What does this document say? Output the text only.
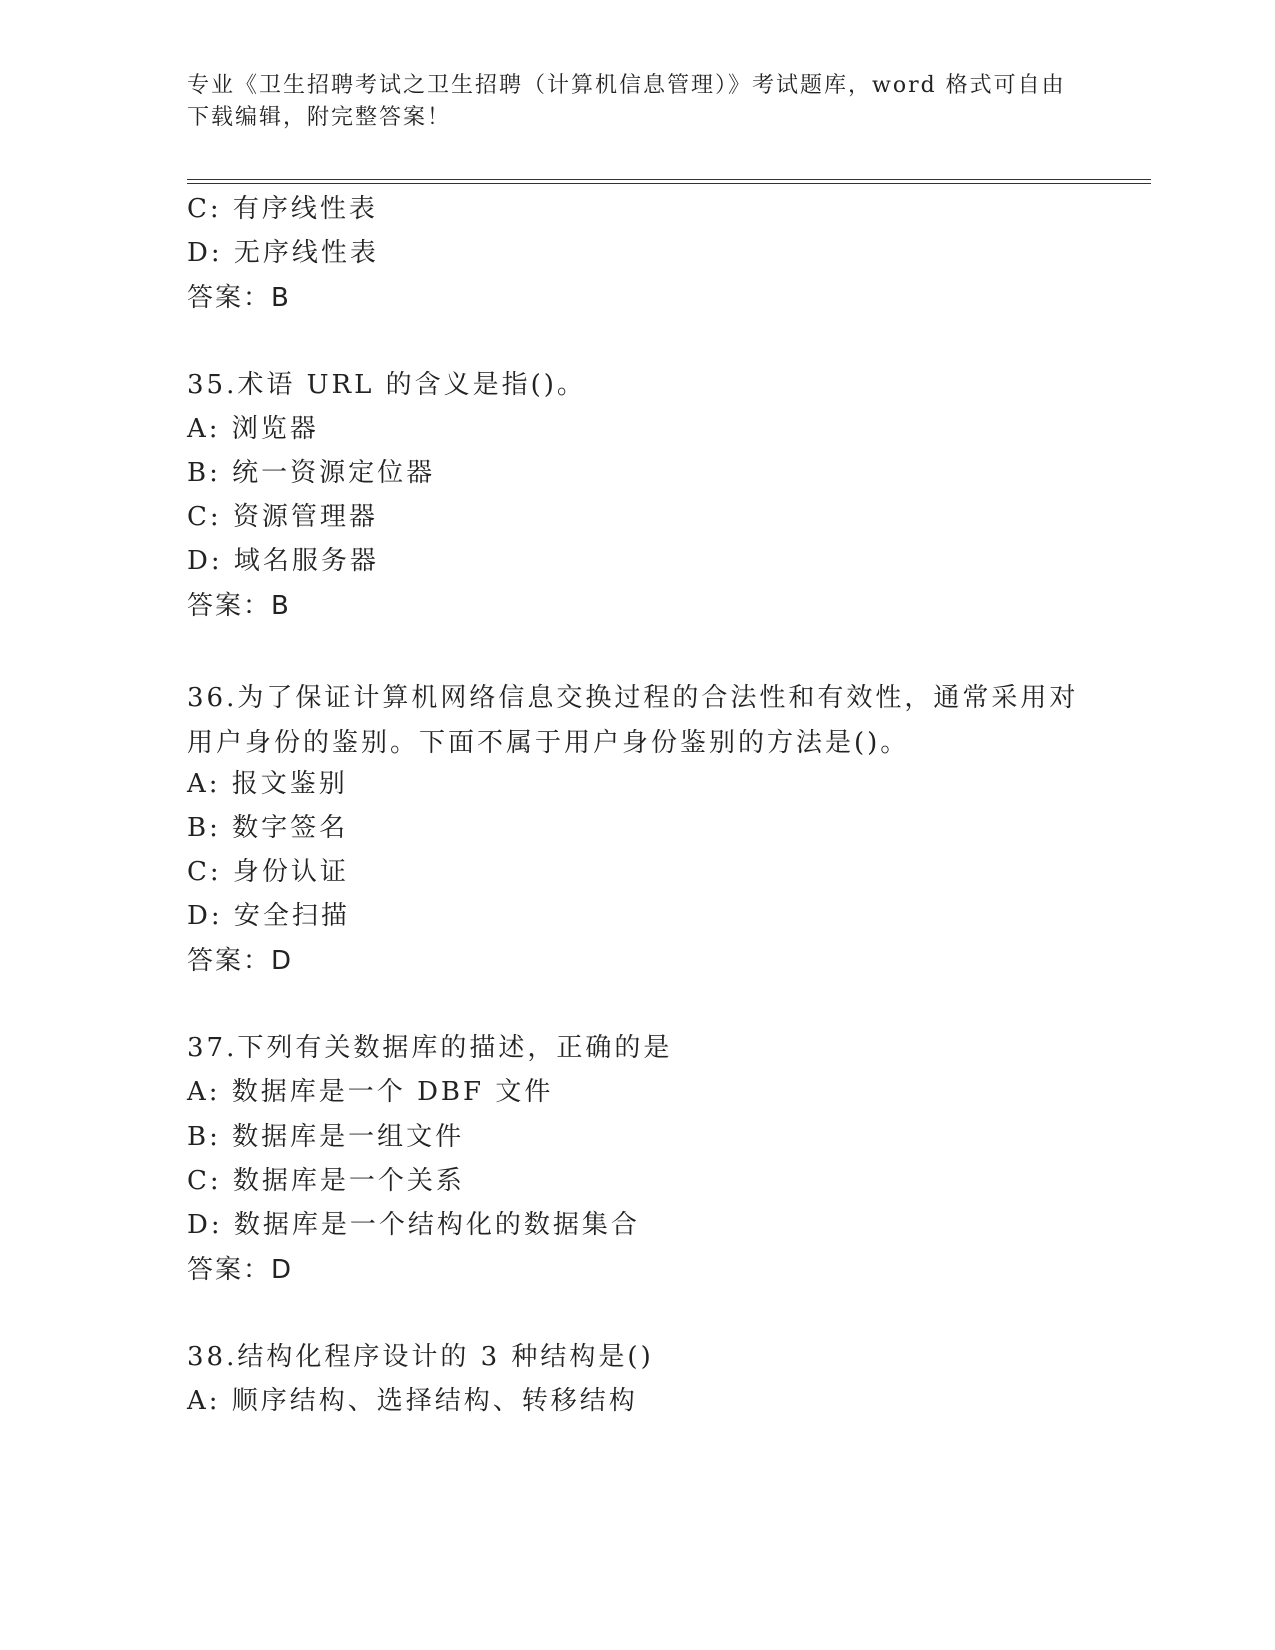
专业《卫生招聘考试之卫生招聘（计算机信息管理）》考试题库，word 格式可自由下载编辑，附完整答案！
C: 有序线性表
D: 无序线性表
答案：B
35.术语 URL 的含义是指()。
A: 浏览器
B: 统一资源定位器
C: 资源管理器
D: 域名服务器
答案：B
36.为了保证计算机网络信息交换过程的合法性和有效性，通常采用对用户身份的鉴别。下面不属于用户身份鉴别的方法是()。
A: 报文鉴别
B: 数字签名
C: 身份认证
D: 安全扫描
答案：D
37.下列有关数据库的描述，正确的是
A: 数据库是一个 DBF 文件
B: 数据库是一组文件
C: 数据库是一个关系
D: 数据库是一个结构化的数据集合
答案：D
38.结构化程序设计的 3 种结构是()
A: 顺序结构、选择结构、转移结构
